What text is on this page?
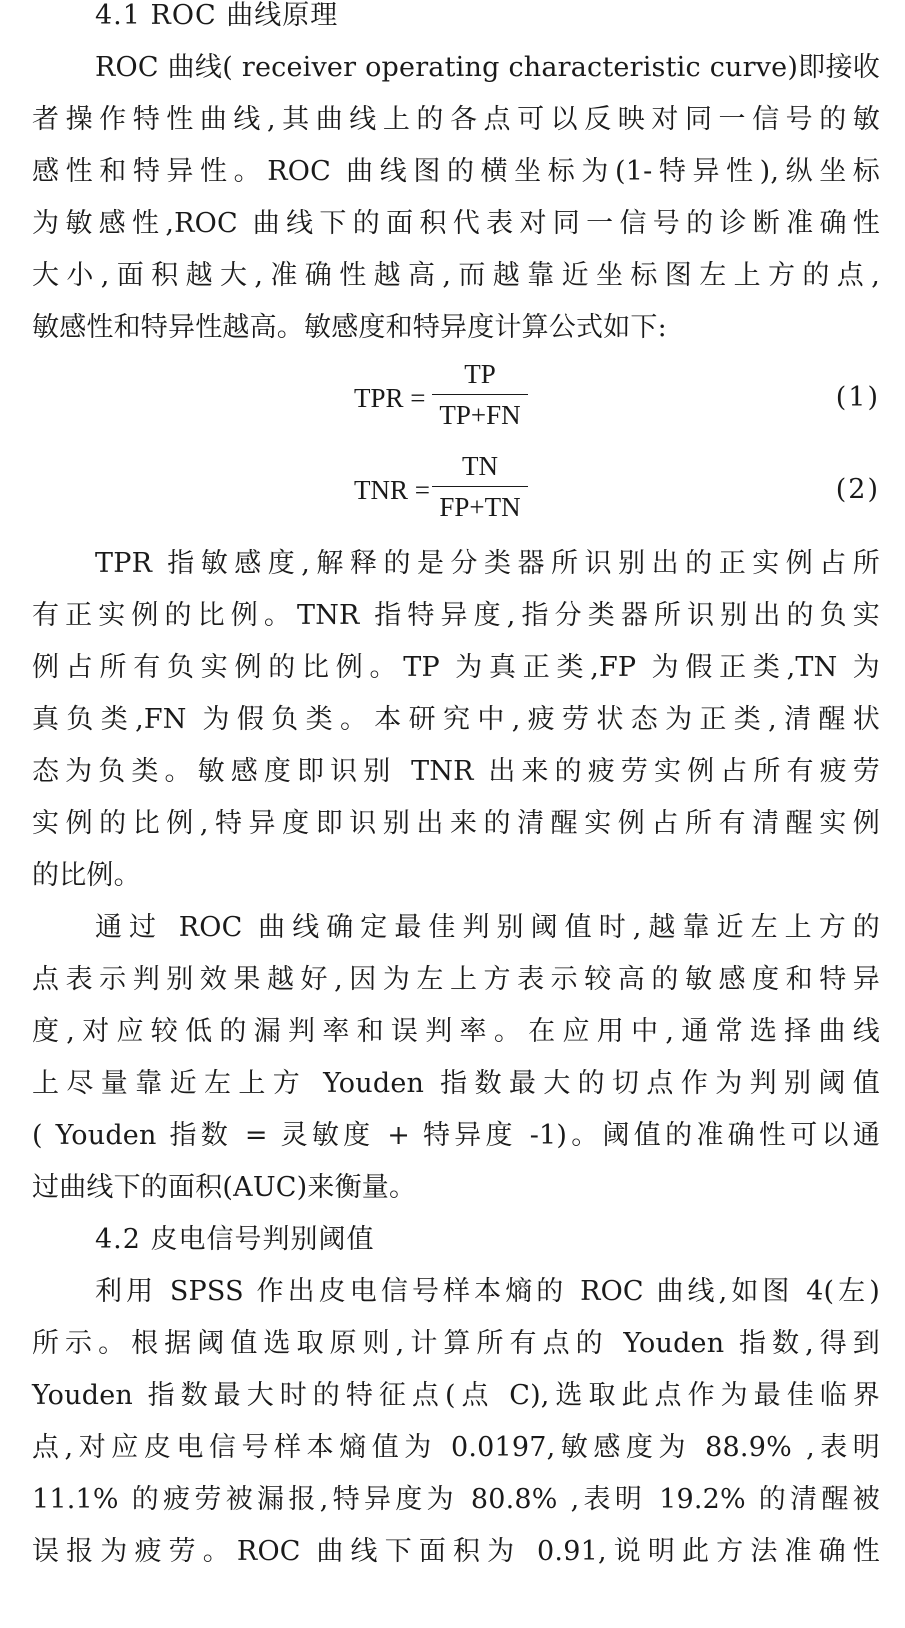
4.1 ROC 曲线原理
ROC 曲线( receiver operating characteristic curve)即接收
者操作特性曲线,其曲线上的各点可以反映对同一信号的敏
感性和特异性。ROC 曲线图的横坐标为(1-特异性),纵坐标
为敏感性,ROC 曲线下的面积代表对同一信号的诊断准确性
大小,面积越大,准确性越高,而越靠近坐标图左上方的点,
敏感性和特异性越高。敏感度和特异度计算公式如下:
TPR =
TP
TP+FN
(1)
TNR =
TN
FP+TN
(2)
TPR 指敏感度,解释的是分类器所识别出的正实例占所
有正实例的比例。TNR 指特异度,指分类器所识别出的负实
例占所有负实例的比例。TP 为真正类,FP 为假正类,TN 为
真负类,FN 为假负类。本研究中,疲劳状态为正类,清醒状
态为负类。敏感度即识别 TNR 出来的疲劳实例占所有疲劳
实例的比例,特异度即识别出来的清醒实例占所有清醒实例
的比例。
通过 ROC 曲线确定最佳判别阈值时,越靠近左上方的
点表示判别效果越好,因为左上方表示较高的敏感度和特异
度,对应较低的漏判率和误判率。在应用中,通常选择曲线
上尽量靠近左上方 Youden 指数最大的切点作为判别阈值
( Youden 指数 = 灵敏度 + 特异度 -1)。阈值的准确性可以通
过曲线下的面积(AUC)来衡量。
4.2 皮电信号判别阈值
利用 SPSS 作出皮电信号样本熵的 ROC 曲线,如图 4(左)
所示。根据阈值选取原则,计算所有点的 Youden 指数,得到
Youden 指数最大时的特征点(点 C),选取此点作为最佳临界
点,对应皮电信号样本熵值为 0.0197,敏感度为 88.9% ,表明
11.1% 的疲劳被漏报,特异度为 80.8% ,表明 19.2% 的清醒被
误报为疲劳。ROC 曲线下面积为 0.91,说明此方法准确性
